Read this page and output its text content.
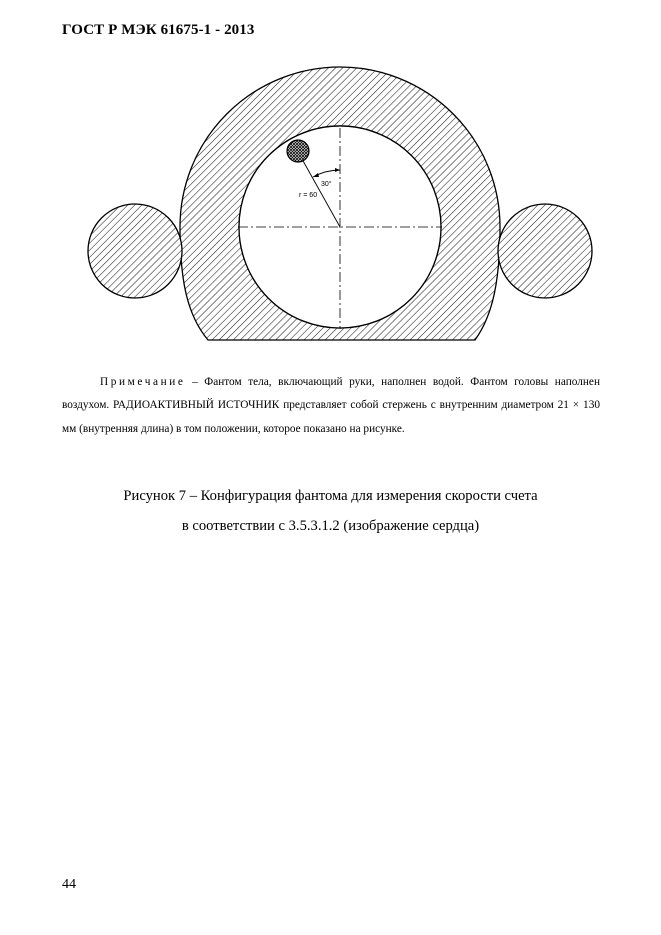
ГОСТ Р МЭК 61675-1 - 2013
r = 60
30°

Примечание – Фантом тела, включающий руки, наполнен водой. Фантом головы наполнен воздухом. РАДИОАКТИВНЫЙ ИСТОЧНИК представляет собой стержень с внутренним диаметром 21 × 130 мм (внутренняя длина) в том положении, которое показано на рисунке.

Рисунок 7 – Конфигурация фантома для измерения скорости счета
в соответствии с 3.5.3.1.2 (изображение сердца)
44
